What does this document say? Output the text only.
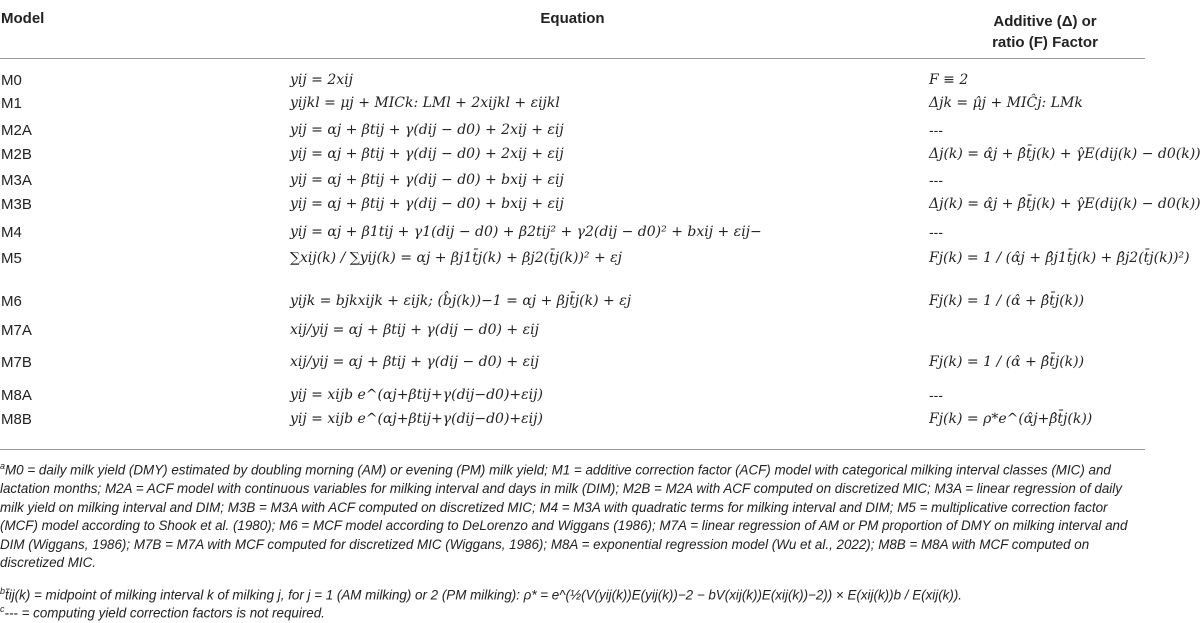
Model	Equation	Additive (Δ) or
ratio (F) Factor
M0	yij = 2xij	F ≡ 2
M1	yijkl = μj + MICk: LMl + 2xijkl + εijkl	Δjk = μ̂j + MIĈj: LMk
M2A	yij = αj + βtij + γ(dij − d0) + 2xij + εij	---
M2B	yij = αj + βtij + γ(dij − d0) + 2xij + εij	Δj(k) = α̂j + β̂t̄j(k) + γ̂E(dij(k) − d0(k))
M3A	yij = αj + βtij + γ(dij − d0) + bxij + εij	---
M3B	yij = αj + βtij + γ(dij − d0) + bxij + εij	Δj(k) = α̂j + β̂t̄j(k) + γ̂E(dij(k) − d0(k))
M4	yij = αj + β1tij + γ1(dij − d0) + β2tij² + γ2(dij − d0)² + bxij + εij−	---
M5	∑xij(k) / ∑yij(k) = αj + βj1t̄j(k) + βj2(t̄j(k))² + εj	Fj(k) = 1 / (α̂j + β̂j1t̄j(k) + β̂j2(t̄j(k))²)
M6	yijk = bjkxijk + εijk; (b̂j(k))−1 = αj + βjt̄j(k) + εj	Fj(k) = 1 / (α̂ + β̂t̄j(k))
M7A	xij/yij = αj + βtij + γ(dij − d0) + εij
M7B	xij/yij = αj + βtij + γ(dij − d0) + εij	Fj(k) = 1 / (α̂ + β̂t̄j(k))
M8A	yij = xijb e^(αj+βtij+γ(dij−d0)+εij)	---
M8B	yij = xijb e^(αj+βtij+γ(dij−d0)+εij)	Fj(k) = ρ*e^(α̂j+β̂t̄j(k))
$^a$M0 = daily milk yield (DMY) estimated by doubling morning (AM) or evening (PM) milk yield; M1 = additive correction factor (ACF) model with categorical milking interval classes (MIC) and lactation months; M2A = ACF model with continuous variables for milking interval and days in milk (DIM); M2B = M2A with ACF computed on discretized MIC; M3A = linear regression of daily milk yield on milking interval and DIM; M3B = M3A with ACF computed on discretized MIC; M4 = M3A with quadratic terms for milking interval and DIM; M5 = multiplicative correction factor (MCF) model according to Shook et al. (1980); M6 = MCF model according to DeLorenzo and Wiggans (1986); M7A = linear regression of AM or PM proportion of DMY on milking interval and DIM (Wiggans, 1986); M7B = M7A with MCF computed for discretized MIC (Wiggans, 1986); M8A = exponential regression model (Wu et al., 2022); M8B = M8A with MCF computed on discretized MIC.
$^b$t̄ij(k) = midpoint of milking interval k of milking j, for j = 1 (AM milking) or 2 (PM milking): ρ* = e^(½(V(yij(k))E(yij(k))−2 − bV(xij(k))E(xij(k))−2)) × E(xij(k))b / E(xij(k)).
$^c$--- = computing yield correction factors is not required.
